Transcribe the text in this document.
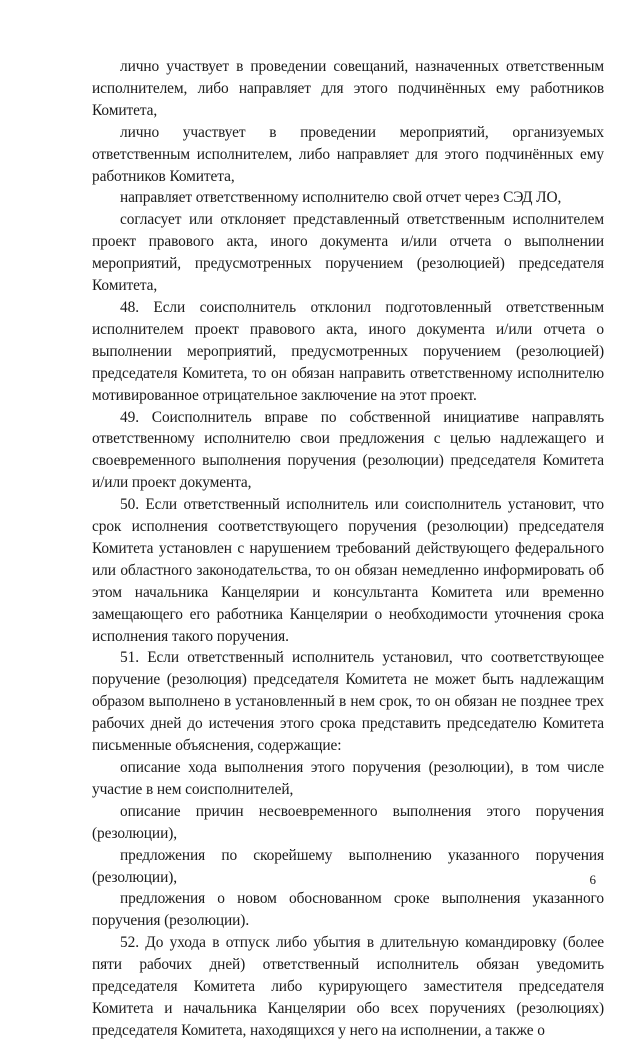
лично участвует в проведении совещаний, назначенных ответственным исполнителем, либо направляет для этого подчинённых ему работников Комитета,

лично участвует в проведении мероприятий, организуемых ответственным исполнителем, либо направляет для этого подчинённых ему работников Комитета,

направляет ответственному исполнителю свой отчет через СЭД ЛО,

согласует или отклоняет представленный ответственным исполнителем проект правового акта, иного документа и/или отчета о выполнении мероприятий, предусмотренных поручением (резолюцией) председателя Комитета,

48. Если соисполнитель отклонил подготовленный ответственным исполнителем проект правового акта, иного документа и/или отчета о выполнении мероприятий, предусмотренных поручением (резолюцией) председателя Комитета, то он обязан направить ответственному исполнителю мотивированное отрицательное заключение на этот проект.

49. Соисполнитель вправе по собственной инициативе направлять ответственному исполнителю свои предложения с целью надлежащего и своевременного выполнения поручения (резолюции) председателя Комитета и/или проект документа,

50. Если ответственный исполнитель или соисполнитель установит, что срок исполнения соответствующего поручения (резолюции) председателя Комитета установлен с нарушением требований действующего федерального или областного законодательства, то он обязан немедленно информировать об этом начальника Канцелярии и консультанта Комитета или временно замещающего его работника Канцелярии о необходимости уточнения срока исполнения такого поручения.

51. Если ответственный исполнитель установил, что соответствующее поручение (резолюция) председателя Комитета не может быть надлежащим образом выполнено в установленный в нем срок, то он обязан не позднее трех рабочих дней до истечения этого срока представить председателю Комитета письменные объяснения, содержащие:

описание хода выполнения этого поручения (резолюции), в том числе участие в нем соисполнителей,

описание причин несвоевременного выполнения этого поручения (резолюции),

предложения по скорейшему выполнению указанного поручения (резолюции),

предложения о новом обоснованном сроке выполнения указанного поручения (резолюции).

52. До ухода в отпуск либо убытия в длительную командировку (более пяти рабочих дней) ответственный исполнитель обязан уведомить председателя Комитета либо курирующего заместителя председателя Комитета и начальника Канцелярии обо всех поручениях (резолюциях) председателя Комитета, находящихся у него на исполнении, а также о

6
